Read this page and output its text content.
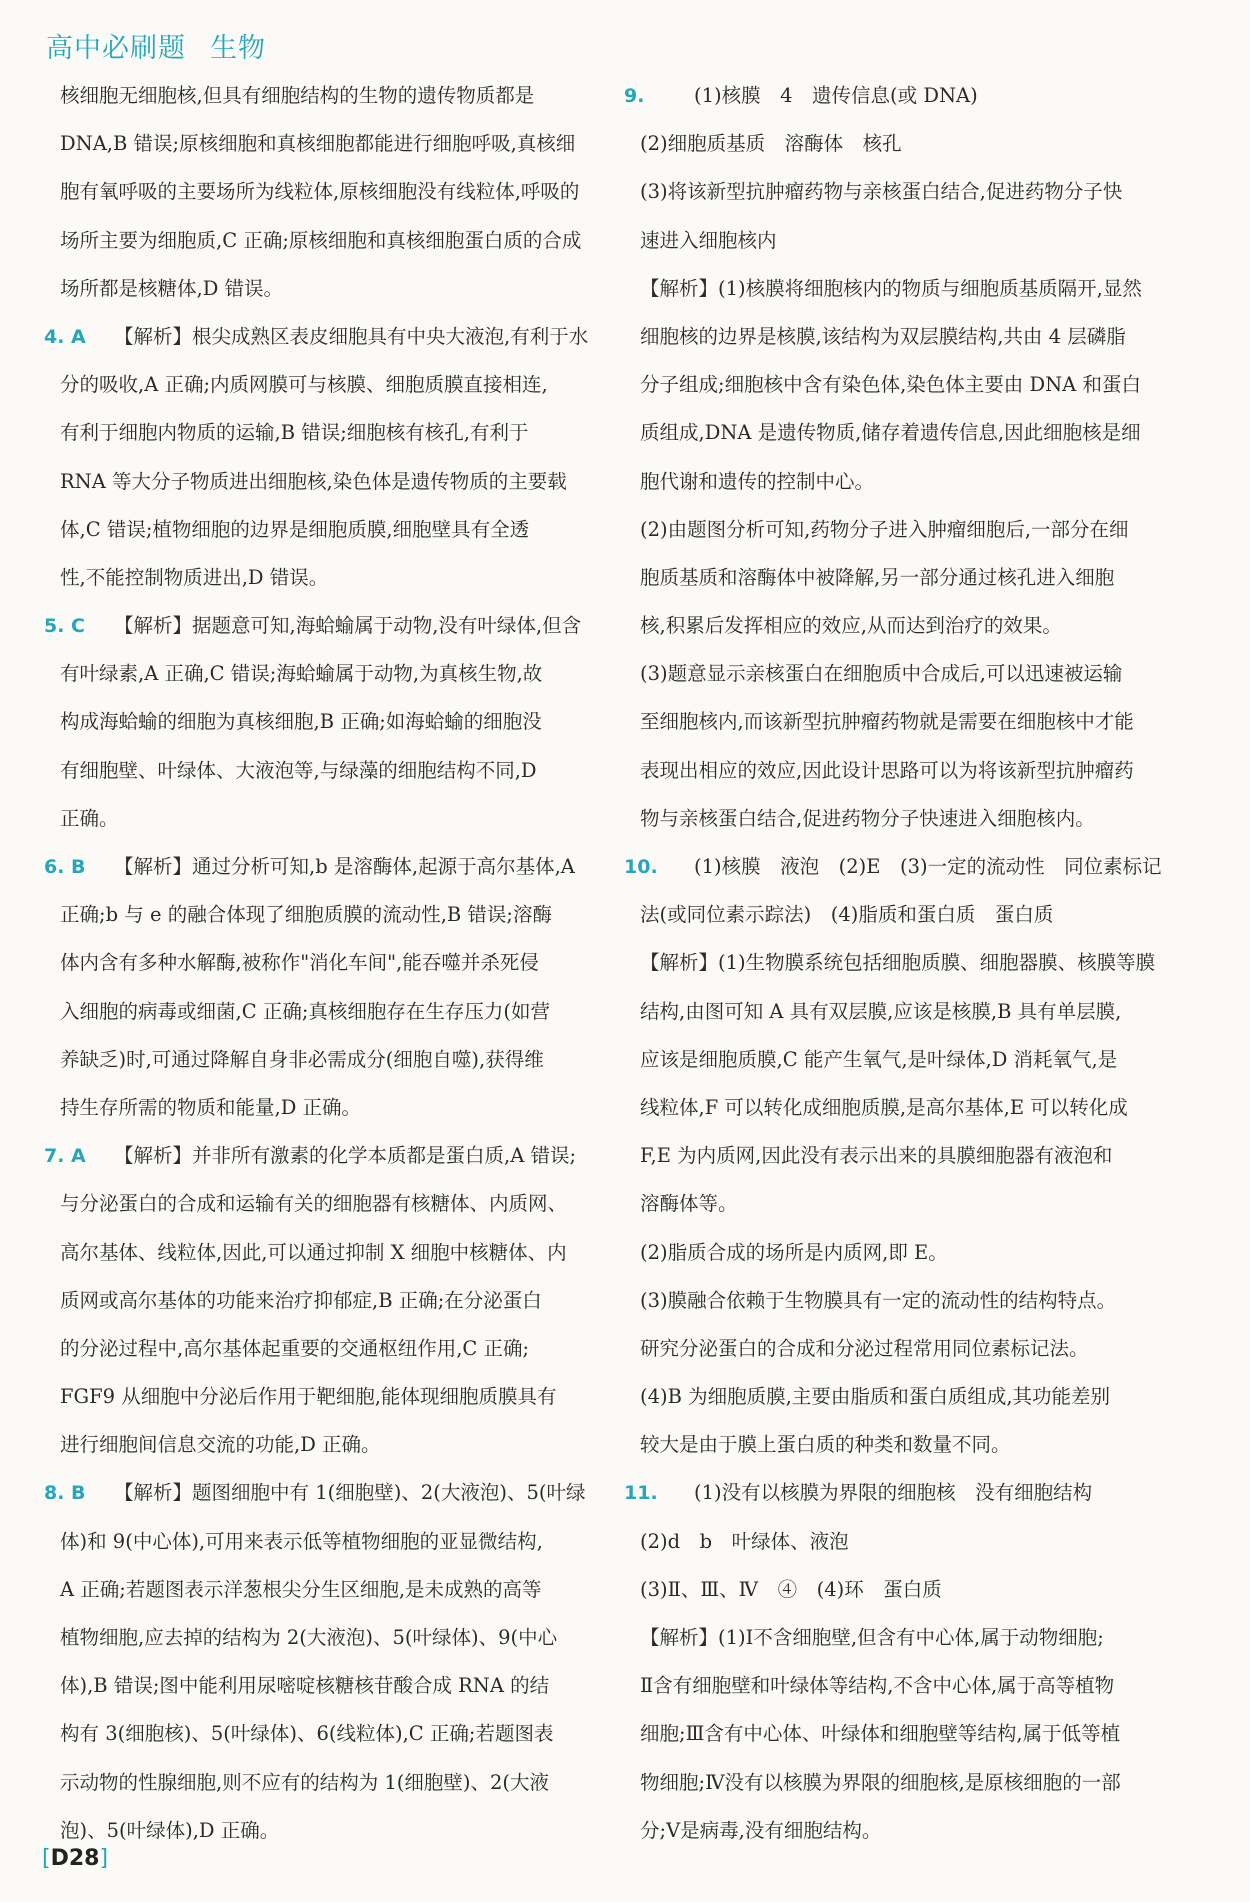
高中必刷题 生物
核细胞无细胞核,但具有细胞结构的生物的遗传物质都是
DNA,B 错误;原核细胞和真核细胞都能进行细胞呼吸,真核细
胞有氧呼吸的主要场所为线粒体,原核细胞没有线粒体,呼吸的
场所主要为细胞质,C 正确;原核细胞和真核细胞蛋白质的合成
场所都是核糖体,D 错误。
4. A 【解析】根尖成熟区表皮细胞具有中央大液泡,有利于水
分的吸收,A 正确;内质网膜可与核膜、细胞质膜直接相连,
有利于细胞内物质的运输,B 错误;细胞核有核孔,有利于
RNA 等大分子物质进出细胞核,染色体是遗传物质的主要载
体,C 错误;植物细胞的边界是细胞质膜,细胞壁具有全透
性,不能控制物质进出,D 错误。
5. C 【解析】据题意可知,海蛤蝓属于动物,没有叶绿体,但含
有叶绿素,A 正确,C 错误;海蛤蝓属于动物,为真核生物,故
构成海蛤蝓的细胞为真核细胞,B 正确;如海蛤蝓的细胞没
有细胞壁、叶绿体、大液泡等,与绿藻的细胞结构不同,D
正确。
6. B 【解析】通过分析可知,b 是溶酶体,起源于高尔基体,A
正确;b 与 e 的融合体现了细胞质膜的流动性,B 错误;溶酶
体内含有多种水解酶,被称作"消化车间",能吞噬并杀死侵
入细胞的病毒或细菌,C 正确;真核细胞存在生存压力(如营
养缺乏)时,可通过降解自身非必需成分(细胞自噬),获得维
持生存所需的物质和能量,D 正确。
7. A 【解析】并非所有激素的化学本质都是蛋白质,A 错误;
与分泌蛋白的合成和运输有关的细胞器有核糖体、内质网、
高尔基体、线粒体,因此,可以通过抑制 X 细胞中核糖体、内
质网或高尔基体的功能来治疗抑郁症,B 正确;在分泌蛋白
的分泌过程中,高尔基体起重要的交通枢纽作用,C 正确;
FGF9 从细胞中分泌后作用于靶细胞,能体现细胞质膜具有
进行细胞间信息交流的功能,D 正确。
8. B 【解析】题图细胞中有 1(细胞壁)、2(大液泡)、5(叶绿
体)和 9(中心体),可用来表示低等植物细胞的亚显微结构,
A 正确;若题图表示洋葱根尖分生区细胞,是未成熟的高等
植物细胞,应去掉的结构为 2(大液泡)、5(叶绿体)、9(中心
体),B 错误;图中能利用尿嘧啶核糖核苷酸合成 RNA 的结
构有 3(细胞核)、5(叶绿体)、6(线粒体),C 正确;若题图表
示动物的性腺细胞,则不应有的结构为 1(细胞壁)、2(大液
泡)、5(叶绿体),D 正确。
9.	(1)核膜　4　遗传信息(或 DNA)
(2)细胞质基质　溶酶体　核孔
(3)将该新型抗肿瘤药物与亲核蛋白结合,促进药物分子快
速进入细胞核内
【解析】(1)核膜将细胞核内的物质与细胞质基质隔开,显然
细胞核的边界是核膜,该结构为双层膜结构,共由 4 层磷脂
分子组成;细胞核中含有染色体,染色体主要由 DNA 和蛋白
质组成,DNA 是遗传物质,储存着遗传信息,因此细胞核是细
胞代谢和遗传的控制中心。
(2)由题图分析可知,药物分子进入肿瘤细胞后,一部分在细
胞质基质和溶酶体中被降解,另一部分通过核孔进入细胞
核,积累后发挥相应的效应,从而达到治疗的效果。
(3)题意显示亲核蛋白在细胞质中合成后,可以迅速被运输
至细胞核内,而该新型抗肿瘤药物就是需要在细胞核中才能
表现出相应的效应,因此设计思路可以为将该新型抗肿瘤药
物与亲核蛋白结合,促进药物分子快速进入细胞核内。
10. (1)核膜　液泡　(2)E　(3)一定的流动性　同位素标记
法(或同位素示踪法)　(4)脂质和蛋白质　蛋白质
【解析】(1)生物膜系统包括细胞质膜、细胞器膜、核膜等膜
结构,由图可知 A 具有双层膜,应该是核膜,B 具有单层膜,
应该是细胞质膜,C 能产生氧气,是叶绿体,D 消耗氧气,是
线粒体,F 可以转化成细胞质膜,是高尔基体,E 可以转化成
F,E 为内质网,因此没有表示出来的具膜细胞器有液泡和
溶酶体等。
(2)脂质合成的场所是内质网,即 E。
(3)膜融合依赖于生物膜具有一定的流动性的结构特点。
研究分泌蛋白的合成和分泌过程常用同位素标记法。
(4)B 为细胞质膜,主要由脂质和蛋白质组成,其功能差别
较大是由于膜上蛋白质的种类和数量不同。
11. (1)没有以核膜为界限的细胞核　没有细胞结构
(2)d　b　叶绿体、液泡
(3)Ⅱ、Ⅲ、Ⅳ　④　(4)环　蛋白质
【解析】(1)Ⅰ不含细胞壁,但含有中心体,属于动物细胞;
Ⅱ含有细胞壁和叶绿体等结构,不含中心体,属于高等植物
细胞;Ⅲ含有中心体、叶绿体和细胞壁等结构,属于低等植
物细胞;Ⅳ没有以核膜为界限的细胞核,是原核细胞的一部
分;Ⅴ是病毒,没有细胞结构。
[D28]
